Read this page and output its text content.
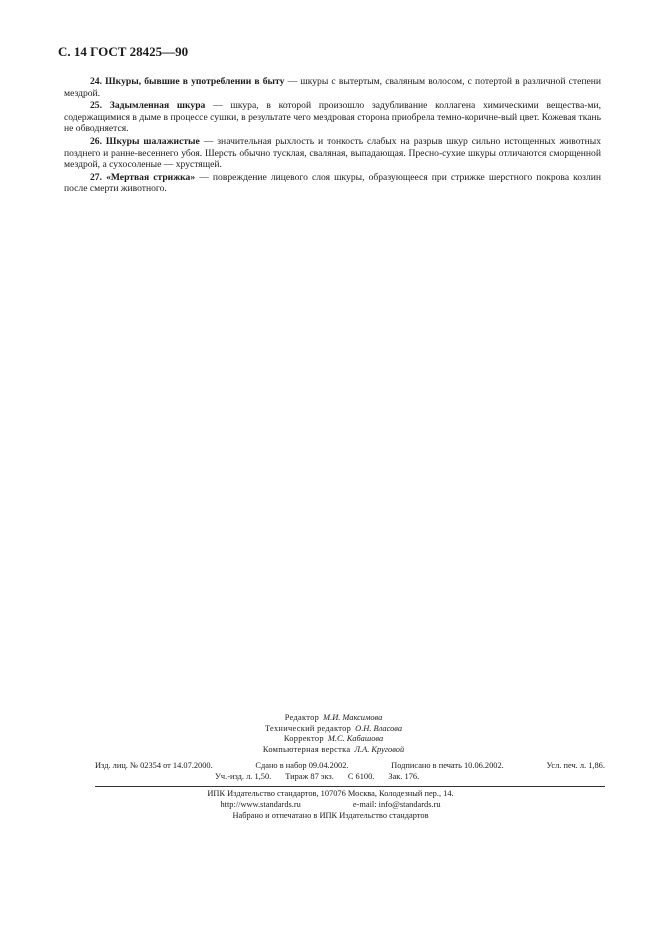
С. 14 ГОСТ 28425—90

24. Шкуры, бывшие в употреблении в быту — шкуры с вытертым, сваляным волосом, с потертой в различной степени мездрой.

25. Задымленная шкура — шкура, в которой произошло задубливание коллагена химическими вещества-ми, содержащимися в дыме в процессе сушки, в результате чего мездровая сторона приобрела темно-коричне-вый цвет. Кожевая ткань не обводняется.

26. Шкуры шалажистые — значительная рыхлость и тонкость слабых на разрыв шкур сильно истощенных животных позднего и ранне-весеннего убоя. Шерсть обычно тусклая, сваляная, выпадающая. Пресно-сухие шкуры отличаются сморщенной мездрой, а сухосоленые — хрустящей.

27. «Мертвая стрижка» — повреждение лицевого слоя шкуры, образующееся при стрижке шерстного покрова козлин после смерти животного.

Редактор М.И. Максимова
Технический редактор О.Н. Власова
Корректор М.С. Кабашова
Компьютерная верстка Л.А. Круговой
Изд. лиц. № 02354 от 14.07.2000.	Сдано в набор 09.04.2002.	Подписано в печать 10.06.2002.	Усл. печ. л. 1,86.
Уч.-изд. л. 1,50. Тираж 87 экз. С 6100. Зак. 176.
ИПК Издательство стандартов, 107076 Москва, Колодезный пер., 14.
http://www.standards.ru	e-mail: info@standards.ru
Набрано и отпечатано в ИПК Издательство стандартов
